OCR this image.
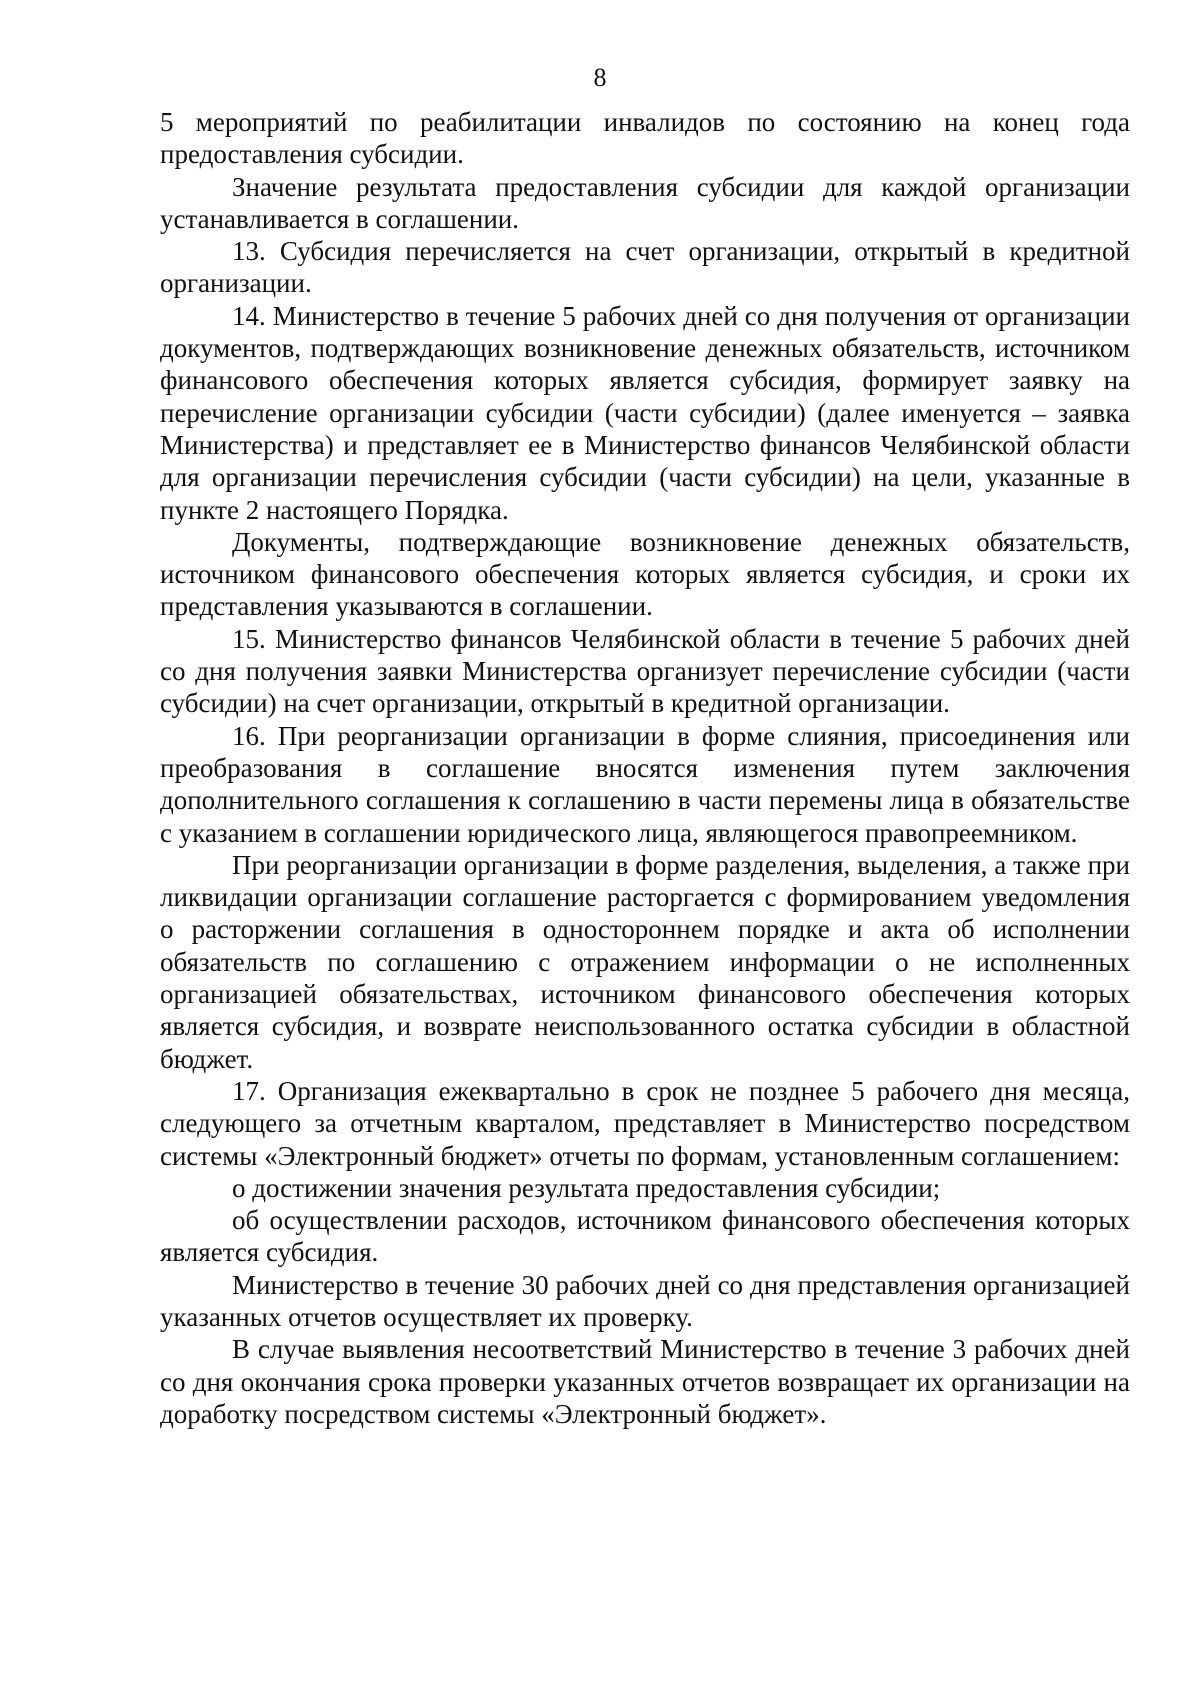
8

5 мероприятий по реабилитации инвалидов по состоянию на конец года предоставления субсидии.

Значение результата предоставления субсидии для каждой организации устанавливается в соглашении.

13. Субсидия перечисляется на счет организации, открытый в кредитной организации.

14. Министерство в течение 5 рабочих дней со дня получения от организации документов, подтверждающих возникновение денежных обязательств, источником финансового обеспечения которых является субсидия, формирует заявку на перечисление организации субсидии (части субсидии) (далее именуется – заявка Министерства) и представляет ее в Министерство финансов Челябинской области для организации перечисления субсидии (части субсидии) на цели, указанные в пункте 2 настоящего Порядка.

Документы, подтверждающие возникновение денежных обязательств, источником финансового обеспечения которых является субсидия, и сроки их представления указываются в соглашении.

15. Министерство финансов Челябинской области в течение 5 рабочих дней со дня получения заявки Министерства организует перечисление субсидии (части субсидии) на счет организации, открытый в кредитной организации.

16. При реорганизации организации в форме слияния, присоединения или преобразования в соглашение вносятся изменения путем заключения дополнительного соглашения к соглашению в части перемены лица в обязательстве с указанием в соглашении юридического лица, являющегося правопреемником.

При реорганизации организации в форме разделения, выделения, а также при ликвидации организации соглашение расторгается с формированием уведомления о расторжении соглашения в одностороннем порядке и акта об исполнении обязательств по соглашению с отражением информации о не исполненных организацией обязательствах, источником финансового обеспечения которых является субсидия, и возврате неиспользованного остатка субсидии в областной бюджет.

17. Организация ежеквартально в срок не позднее 5 рабочего дня месяца, следующего за отчетным кварталом, представляет в Министерство посредством системы «Электронный бюджет» отчеты по формам, установленным соглашением:

о достижении значения результата предоставления субсидии;

об осуществлении расходов, источником финансового обеспечения которых является субсидия.

Министерство в течение 30 рабочих дней со дня представления организацией указанных отчетов осуществляет их проверку.

В случае выявления несоответствий Министерство в течение 3 рабочих дней со дня окончания срока проверки указанных отчетов возвращает их организации на доработку посредством системы «Электронный бюджет».
